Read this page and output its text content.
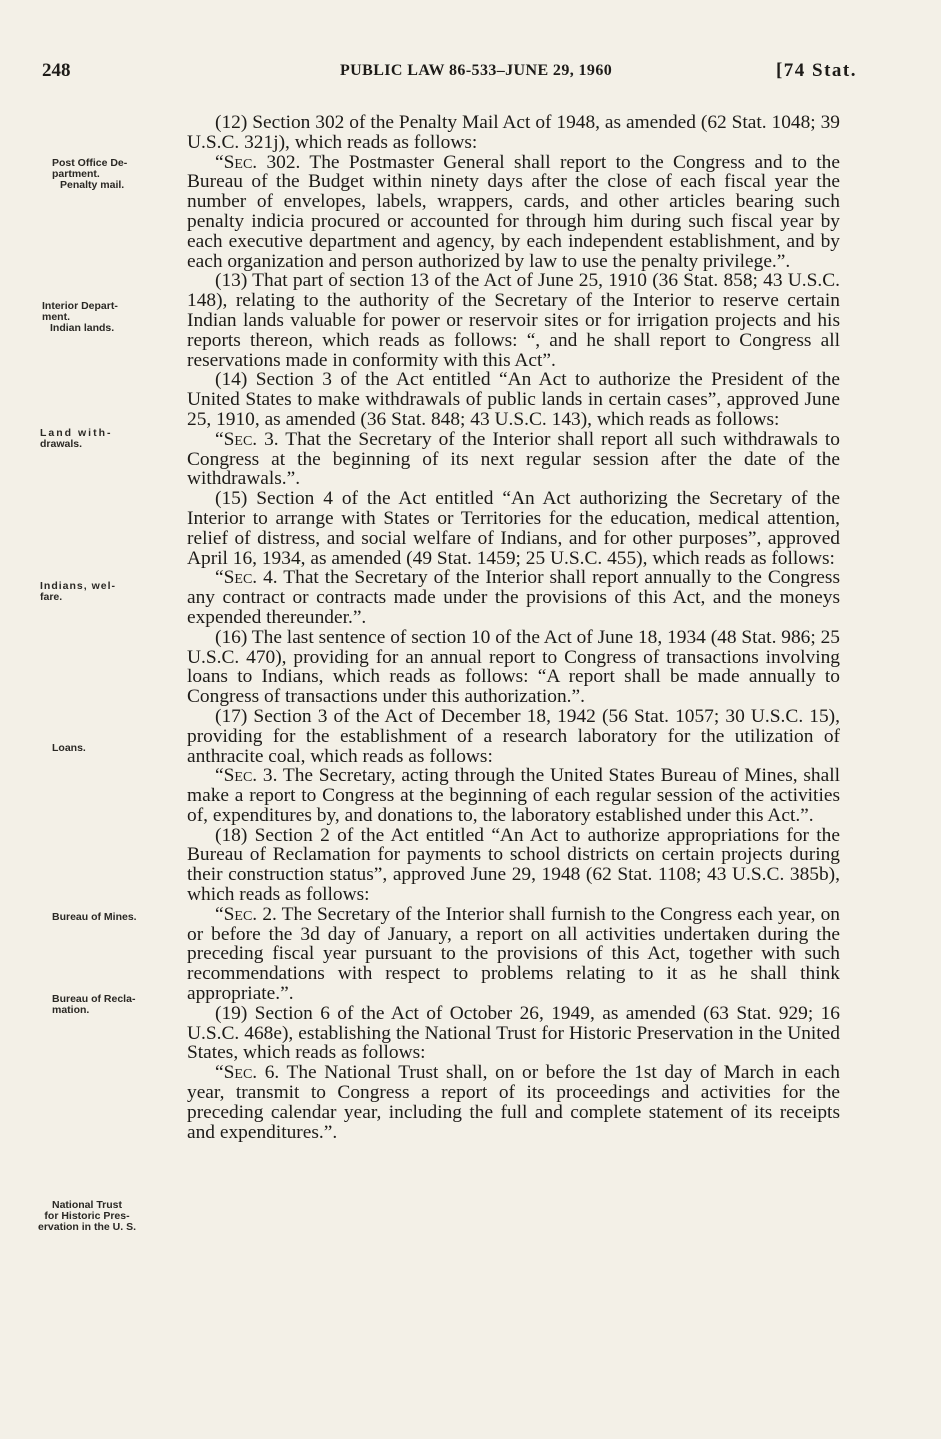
248	PUBLIC LAW 86-533–JUNE 29, 1960	[74 Stat.
Post Office De-
partment.
Penalty mail.
Interior Depart-
ment.
Indian lands.
Land with-
drawals.
Indians, wel-
fare.
Loans.
Bureau of Mines.
Bureau of Recla-
mation.
National Trust
for Historic Pres-
ervation in the U. S.

(12) Section 302 of the Penalty Mail Act of 1948, as amended (62 Stat. 1048; 39 U.S.C. 321j), which reads as follows:

“Sec. 302. The Postmaster General shall report to the Congress and to the Bureau of the Budget within ninety days after the close of each fiscal year the number of envelopes, labels, wrappers, cards, and other articles bearing such penalty indicia procured or accounted for through him during such fiscal year by each executive department and agency, by each independent establishment, and by each organization and person authorized by law to use the penalty privilege.”.

(13) That part of section 13 of the Act of June 25, 1910 (36 Stat. 858; 43 U.S.C. 148), relating to the authority of the Secretary of the Interior to reserve certain Indian lands valuable for power or reservoir sites or for irrigation projects and his reports thereon, which reads as follows: “, and he shall report to Congress all reservations made in conformity with this Act”.

(14) Section 3 of the Act entitled “An Act to authorize the President of the United States to make withdrawals of public lands in certain cases”, approved June 25, 1910, as amended (36 Stat. 848; 43 U.S.C. 143), which reads as follows:

“Sec. 3. That the Secretary of the Interior shall report all such withdrawals to Congress at the beginning of its next regular session after the date of the withdrawals.”.

(15) Section 4 of the Act entitled “An Act authorizing the Secretary of the Interior to arrange with States or Territories for the education, medical attention, relief of distress, and social welfare of Indians, and for other purposes”, approved April 16, 1934, as amended (49 Stat. 1459; 25 U.S.C. 455), which reads as follows:

“Sec. 4. That the Secretary of the Interior shall report annually to the Congress any contract or contracts made under the provisions of this Act, and the moneys expended thereunder.”.

(16) The last sentence of section 10 of the Act of June 18, 1934 (48 Stat. 986; 25 U.S.C. 470), providing for an annual report to Congress of transactions involving loans to Indians, which reads as follows: “A report shall be made annually to Congress of transactions under this authorization.”.

(17) Section 3 of the Act of December 18, 1942 (56 Stat. 1057; 30 U.S.C. 15), providing for the establishment of a research laboratory for the utilization of anthracite coal, which reads as follows:

“Sec. 3. The Secretary, acting through the United States Bureau of Mines, shall make a report to Congress at the beginning of each regular session of the activities of, expenditures by, and donations to, the laboratory established under this Act.”.

(18) Section 2 of the Act entitled “An Act to authorize appropriations for the Bureau of Reclamation for payments to school districts on certain projects during their construction status”, approved June 29, 1948 (62 Stat. 1108; 43 U.S.C. 385b), which reads as follows:

“Sec. 2. The Secretary of the Interior shall furnish to the Congress each year, on or before the 3d day of January, a report on all activities undertaken during the preceding fiscal year pursuant to the provisions of this Act, together with such recommendations with respect to problems relating to it as he shall think appropriate.”.

(19) Section 6 of the Act of October 26, 1949, as amended (63 Stat. 929; 16 U.S.C. 468e), establishing the National Trust for Historic Preservation in the United States, which reads as follows:

“Sec. 6. The National Trust shall, on or before the 1st day of March in each year, transmit to Congress a report of its proceedings and activities for the preceding calendar year, including the full and complete statement of its receipts and expenditures.”.
